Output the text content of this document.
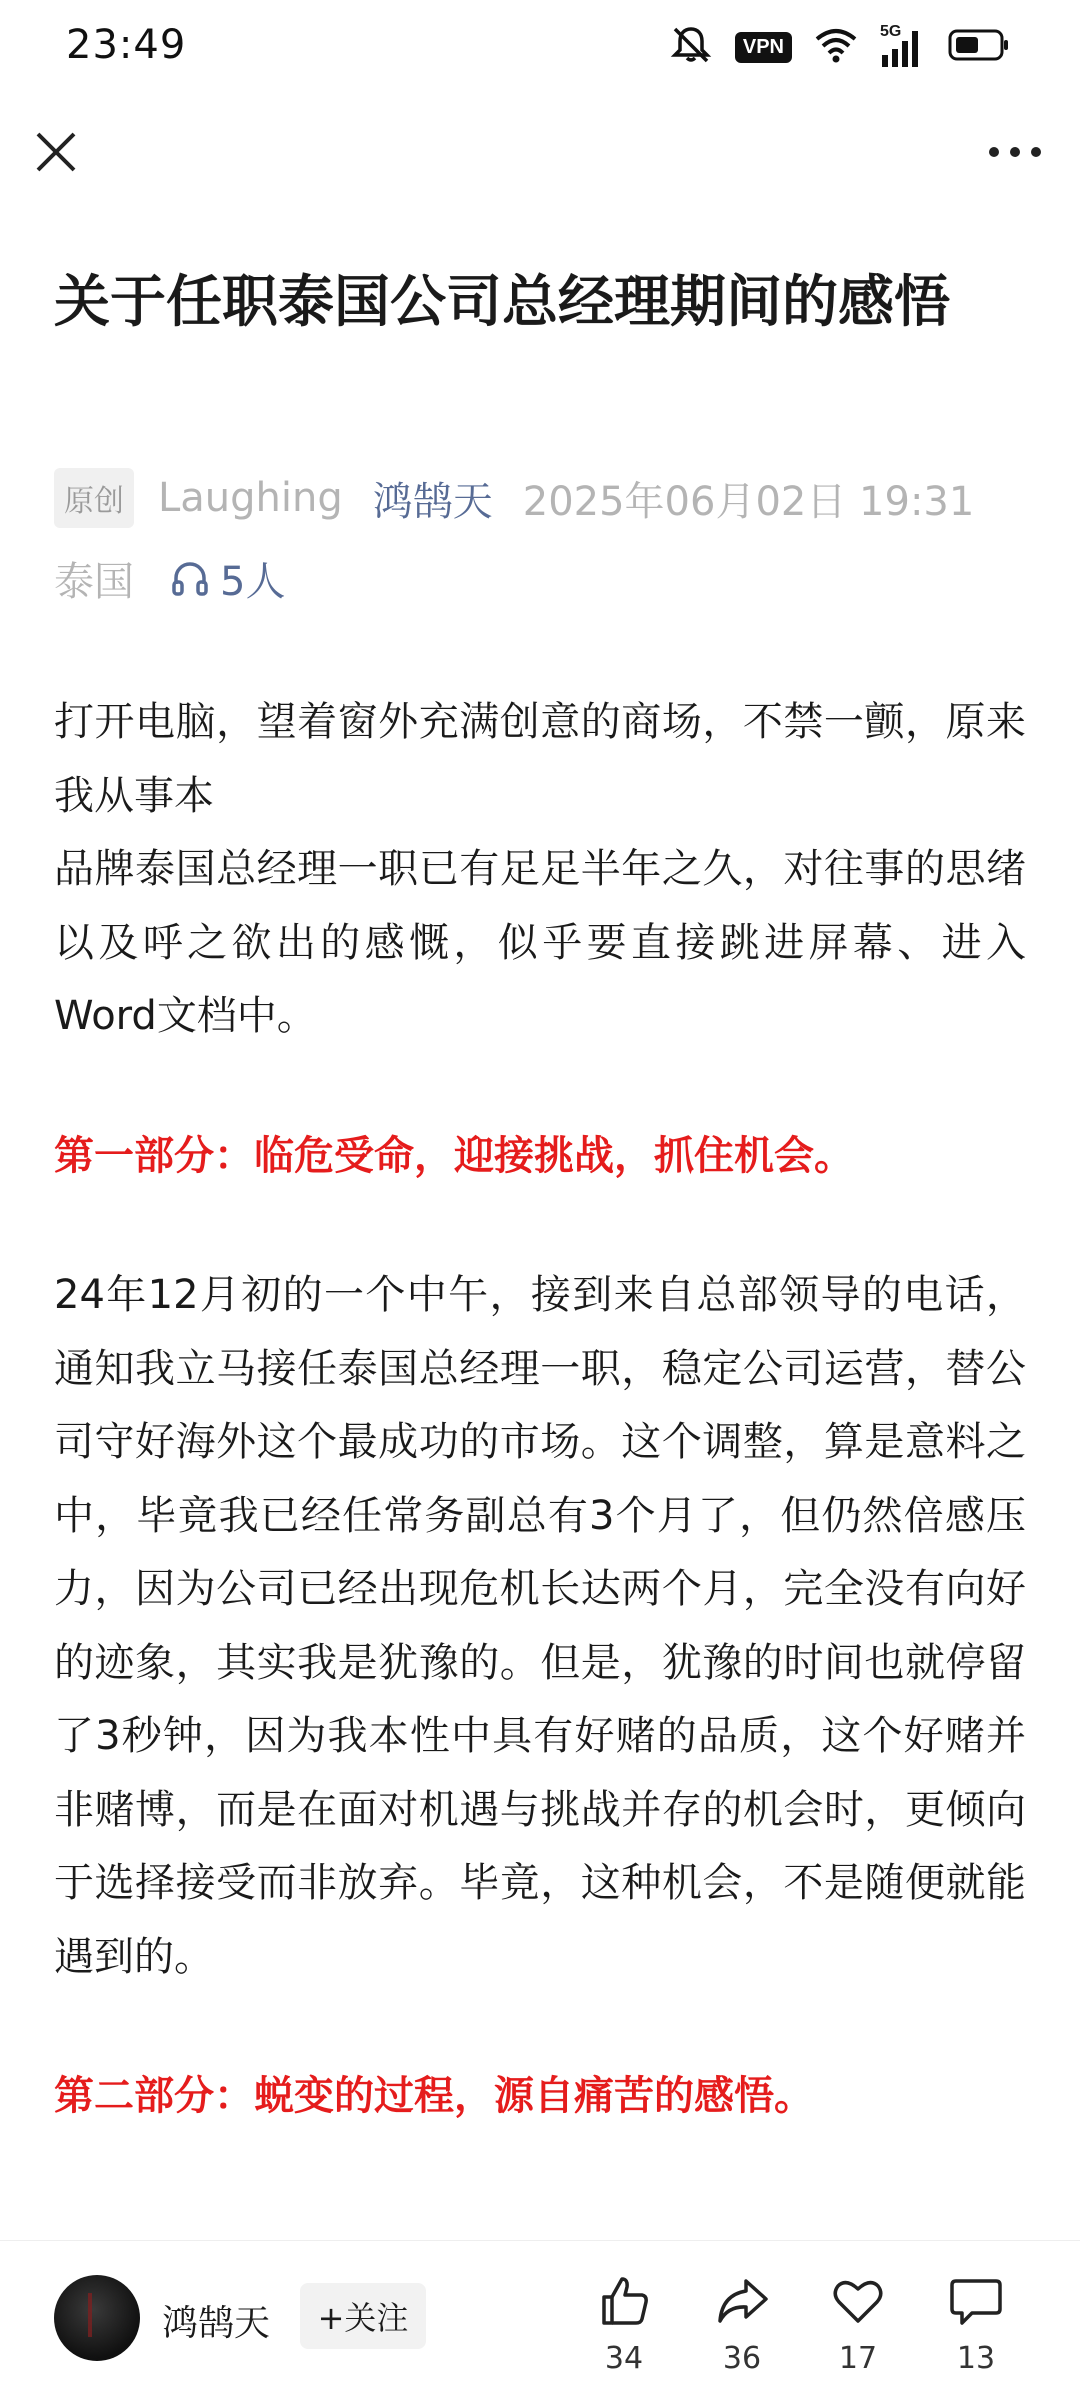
23:49	VPN
5G
关于任职泰国公司总经理期间的感悟
原创 Laughing 鸿鹄天 2025年06月02日 19:31
泰国 5人

打开电脑，望着窗外充满创意的商场，不禁一颤，原来我从事本

品牌泰国总经理一职已有足足半年之久，对往事的思绪以及呼之欲出的感慨，似乎要直接跳进屏幕、进入Word文档中。

第一部分：临危受命，迎接挑战，抓住机会。

24年12月初的一个中午，接到来自总部领导的电话，通知我立马接任泰国总经理一职，稳定公司运营，替公司守好海外这个最成功的市场。这个调整，算是意料之中，毕竟我已经任常务副总有3个月了，但仍然倍感压力，因为公司已经出现危机长达两个月，完全没有向好的迹象，其实我是犹豫的。但是，犹豫的时间也就停留了3秒钟，因为我本性中具有好赌的品质，这个好赌并非赌博，而是在面对机遇与挑战并存的机会时，更倾向于选择接受而非放弃。毕竟，这种机会，不是随便就能遇到的。

第二部分：蜕变的过程，源自痛苦的感悟。

鸿鹄天	+关注
34	36	17	13
